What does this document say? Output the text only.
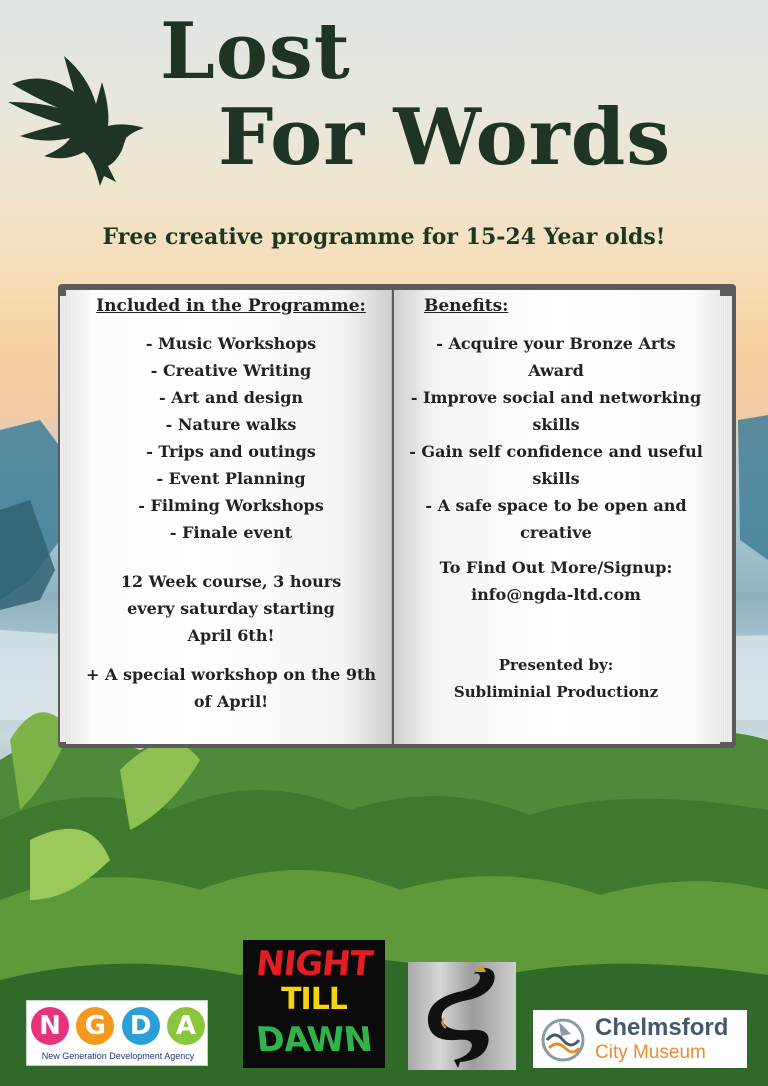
Lost
For Words
Free creative programme for 15-24 Year olds!
Included in the Programme:
- Music Workshops
- Creative Writing
- Art and design
- Nature walks
- Trips and outings
- Event Planning
- Filming Workshops
- Finale event
12 Week course, 3 hours every saturday starting April 6th!
+ A special workshop on the 9th of April!
Benefits:
- Acquire your Bronze Arts Award
- Improve social and networking skills
- Gain self confidence and useful skills
- A safe space to be open and creative
To Find Out More/Signup:
info@ngda-ltd.com
Presented by:
Subliminial Productionz
N G D A
New Generation Development Agency
NIGHT
TILL
DAWN	Chelmsford
City Museum
